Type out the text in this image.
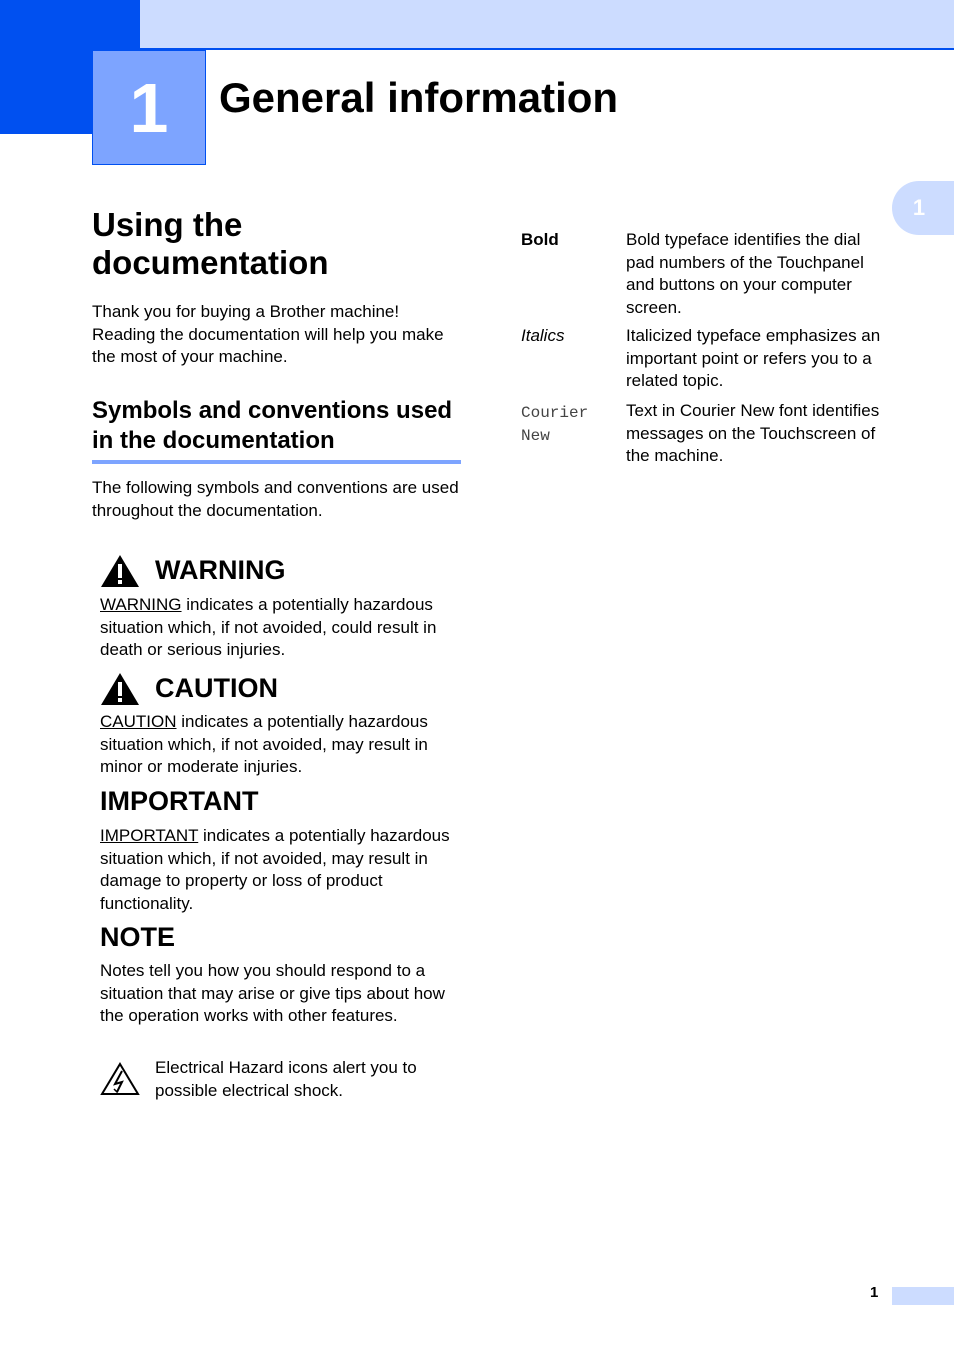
1 General information
1
Using the documentation
Thank you for buying a Brother machine! Reading the documentation will help you make the most of your machine.
Symbols and conventions used in the documentation
The following symbols and conventions are used throughout the documentation.
WARNING
WARNING indicates a potentially hazardous situation which, if not avoided, could result in death or serious injuries.
CAUTION
CAUTION indicates a potentially hazardous situation which, if not avoided, may result in minor or moderate injuries.
IMPORTANT
IMPORTANT indicates a potentially hazardous situation which, if not avoided, may result in damage to property or loss of product functionality.
NOTE
Notes tell you how you should respond to a situation that may arise or give tips about how the operation works with other features.
Electrical Hazard icons alert you to possible electrical shock.
Bold	Bold typeface identifies the dial pad numbers of the Touchpanel and buttons on your computer screen.
Italics	Italicized typeface emphasizes an important point or refers you to a related topic.
Courier New
Text in Courier New font identifies messages on the Touchscreen of the machine.
1
